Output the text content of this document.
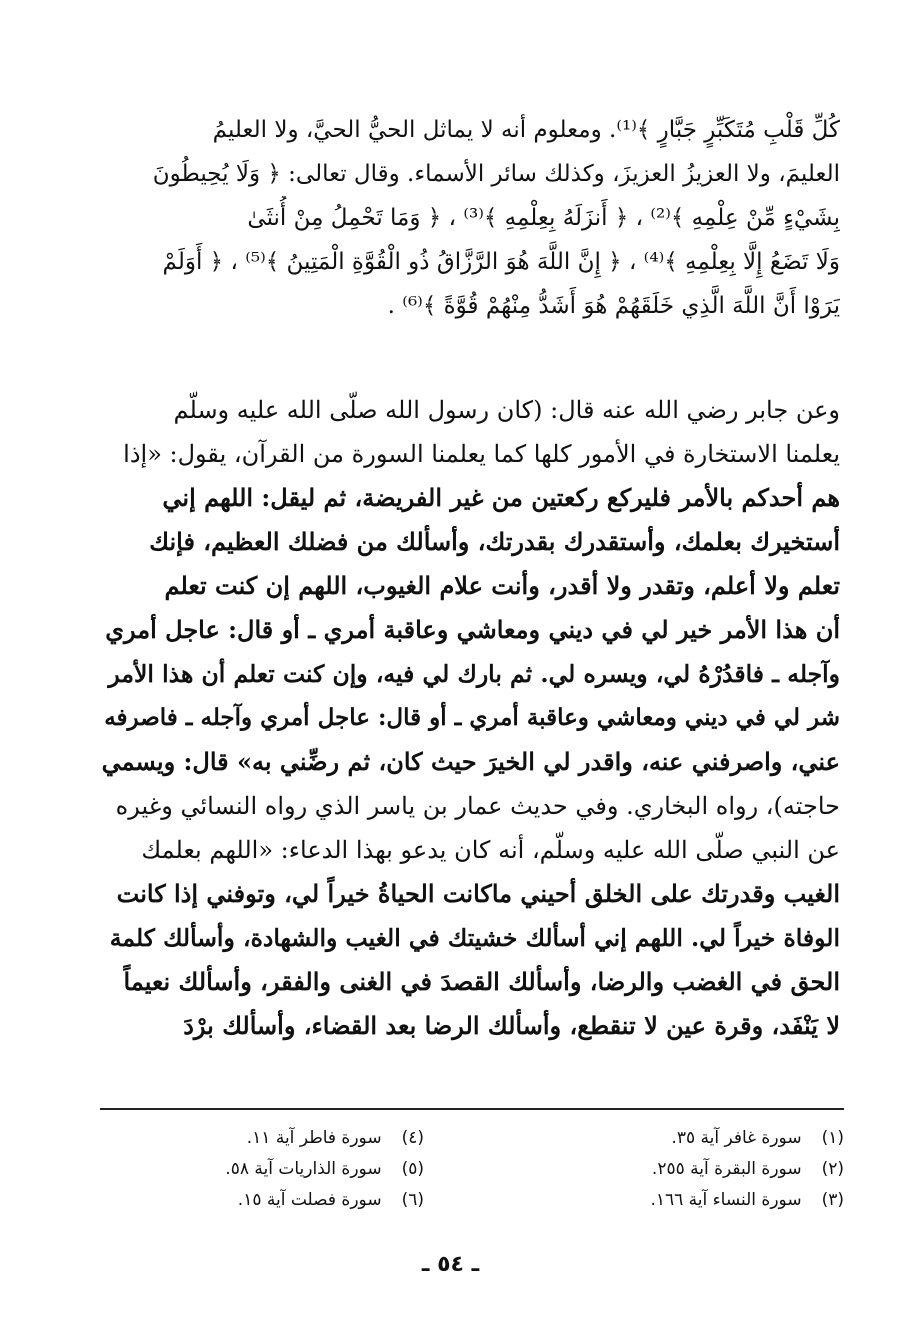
كُلِّ قَلْبِ مُتَكَبِّرٍ جَبَّارٍ ﴾⁽¹⁾. ومعلوم أنه لا يماثل الحيُّ الحيَّ، ولا العليمُ
العليمَ، ولا العزيزُ العزيزَ، وكذلك سائر الأسماء. وقال تعالى: ﴿ وَلَا يُحِيطُونَ
بِشَيْءٍ مِّنْ عِلْمِهِ ﴾⁽²⁾ ، ﴿ أَنزَلَهُ بِعِلْمِهِ ﴾⁽³⁾ ، ﴿ وَمَا تَحْمِلُ مِنْ أُنثَىٰ
وَلَا تَضَعُ إِلَّا بِعِلْمِهِ ﴾⁽⁴⁾ ، ﴿ إِنَّ اللَّهَ هُوَ الرَّزَّاقُ ذُو الْقُوَّةِ الْمَتِينُ ﴾⁽⁵⁾ ، ﴿ أَوَلَمْ
يَرَوْا أَنَّ اللَّهَ الَّذِي خَلَقَهُمْ هُوَ أَشَدُّ مِنْهُمْ قُوَّةً ﴾⁽⁶⁾ .
وعن جابر رضي الله عنه قال: (كان رسول الله صلّى الله عليه وسلّم
يعلمنا الاستخارة في الأمور كلها كما يعلمنا السورة من القرآن، يقول: «إذا
هم أحدكم بالأمر فليركع ركعتين من غير الفريضة، ثم ليقل: اللهم إني
أستخيرك بعلمك، وأستقدرك بقدرتك، وأسألك من فضلك العظيم، فإنك
تعلم ولا أعلم، وتقدر ولا أقدر، وأنت علام الغيوب، اللهم إن كنت تعلم
أن هذا الأمر خير لي في ديني ومعاشي وعاقبة أمري ـ أو قال: عاجل أمري
وآجله ـ فاقدُرْهُ لي، ويسره لي. ثم بارك لي فيه، وإن كنت تعلم أن هذا الأمر
شر لي في ديني ومعاشي وعاقبة أمري ـ أو قال: عاجل أمري وآجله ـ فاصرفه
عني، واصرفني عنه، واقدر لي الخيرَ حيث كان، ثم رضِّني به» قال: ويسمي
حاجته)، رواه البخاري. وفي حديث عمار بن ياسر الذي رواه النسائي وغيره
عن النبي صلّى الله عليه وسلّم، أنه كان يدعو بهذا الدعاء: «اللهم بعلمك
الغيب وقدرتك على الخلق أحيني ماكانت الحياةُ خيراً لي، وتوفني إذا كانت
الوفاة خيراً لي. اللهم إني أسألك خشيتك في الغيب والشهادة، وأسألك كلمة
الحق في الغضب والرضا، وأسألك القصدَ في الغنى والفقر، وأسألك نعيماً
لا يَنْفَد، وقرة عين لا تنقطع، وأسألك الرضا بعد القضاء، وأسألك برْدَ
(١)سورة غافر آية ٣٥.
(٢)سورة البقرة آية ٢٥٥.
(٣)سورة النساء آية ١٦٦.
(٤)سورة فاطر آية ١١.
(٥)سورة الذاريات آية ٥٨.
(٦)سورة فصلت آية ١٥.
ـ ٥٤ ـ
